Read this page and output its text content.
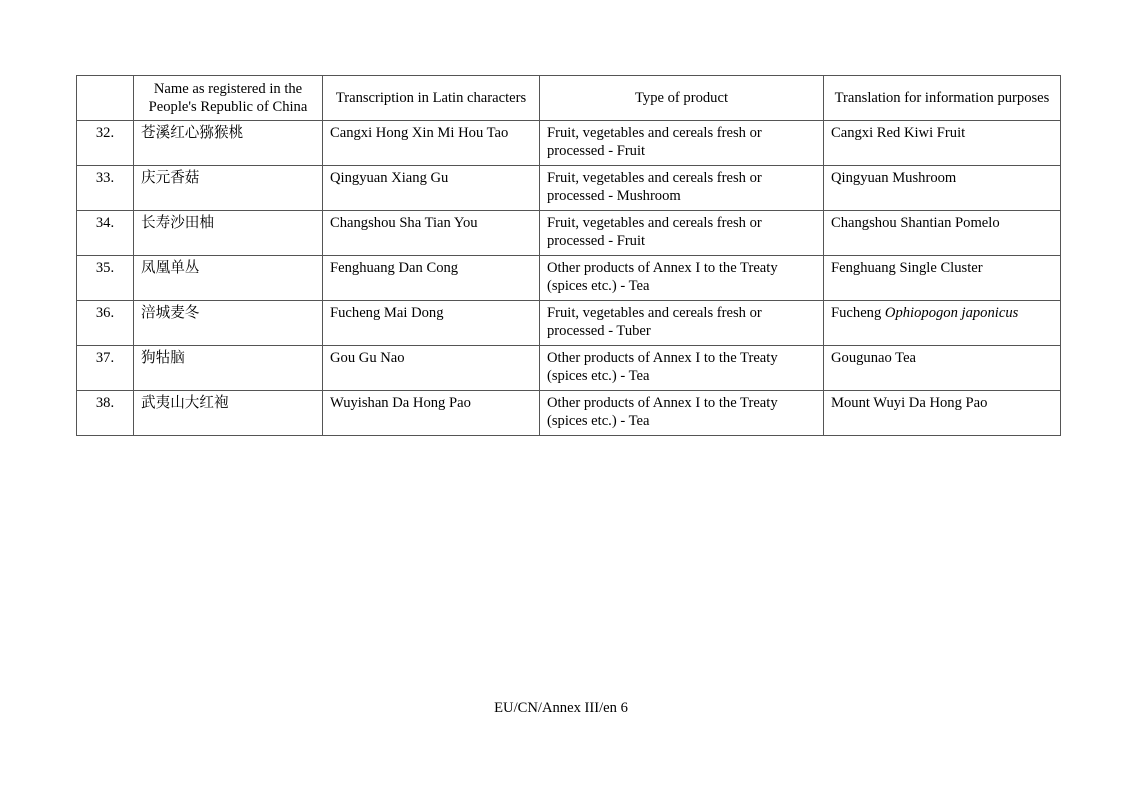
	Name as registered in the People's Republic of China	Transcription in Latin characters	Type of product	Translation for information purposes
32.	苍溪红心猕猴桃	Cangxi Hong Xin Mi Hou Tao	Fruit, vegetables and cereals fresh or
processed - Fruit	Cangxi Red Kiwi Fruit
33.	庆元香菇	Qingyuan Xiang Gu	Fruit, vegetables and cereals fresh or
processed - Mushroom	Qingyuan Mushroom
34.	长寿沙田柚	Changshou Sha Tian You	Fruit, vegetables and cereals fresh or
processed - Fruit	Changshou Shantian Pomelo
35.	凤凰单丛	Fenghuang Dan Cong	Other products of Annex I to the Treaty
(spices etc.) - Tea	Fenghuang Single Cluster
36.	涪城麦冬	Fucheng Mai Dong	Fruit, vegetables and cereals fresh or
processed - Tuber	Fucheng Ophiopogon japonicus
37.	狗牯脑	Gou Gu Nao	Other products of Annex I to the Treaty
(spices etc.) - Tea	Gougunao Tea
38.	武夷山大红袍	Wuyishan Da Hong Pao	Other products of Annex I to the Treaty
(spices etc.) - Tea	Mount Wuyi Da Hong Pao
EU/CN/Annex III/en 6
